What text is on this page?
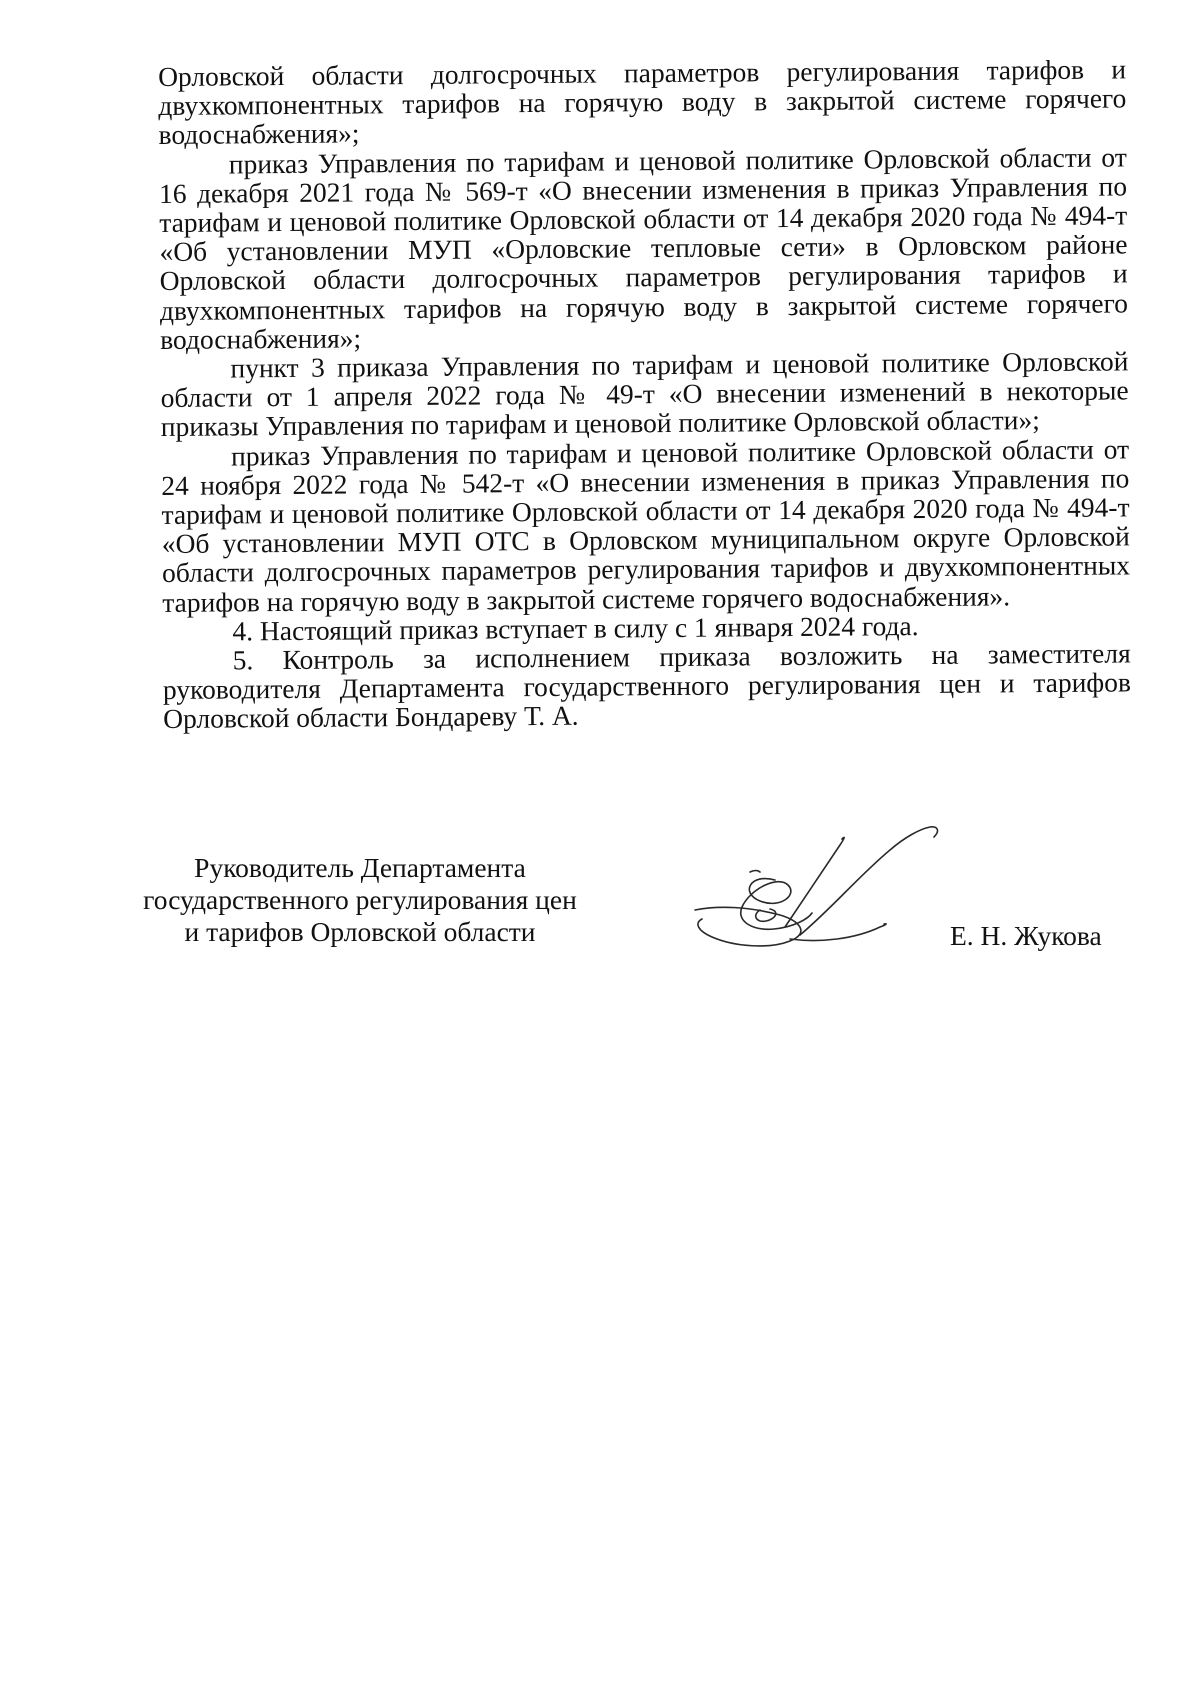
Орловской области долгосрочных параметров регулирования тарифов и двухкомпонентных тарифов на горячую воду в закрытой системе горячего водоснабжения»;

приказ Управления по тарифам и ценовой политике Орловской области от 16 декабря 2021 года № 569-т «О внесении изменения в приказ Управления по тарифам и ценовой политике Орловской области от 14 декабря 2020 года № 494-т «Об установлении МУП «Орловские тепловые сети» в Орловском районе Орловской области долгосрочных параметров регулирования тарифов и двухкомпонентных тарифов на горячую воду в закрытой системе горячего водоснабжения»;

пункт 3 приказа Управления по тарифам и ценовой политике Орловской области от 1 апреля 2022 года № 49-т «О внесении изменений в некоторые приказы Управления по тарифам и ценовой политике Орловской области»;

приказ Управления по тарифам и ценовой политике Орловской области от 24 ноября 2022 года № 542-т «О внесении изменения в приказ Управления по тарифам и ценовой политике Орловской области от 14 декабря 2020 года № 494-т «Об установлении МУП ОТС в Орловском муниципальном округе Орловской области долгосрочных параметров регулирования тарифов и двухкомпонентных тарифов на горячую воду в закрытой системе горячего водоснабжения».

4. Настоящий приказ вступает в силу с 1 января 2024 года.

5. Контроль за исполнением приказа возложить на заместителя руководителя Департамента государственного регулирования цен и тарифов Орловской области Бондареву Т. А.

Руководитель Департамента
государственного регулирования цен
и тарифов Орловской области	Е. Н. Жукова
